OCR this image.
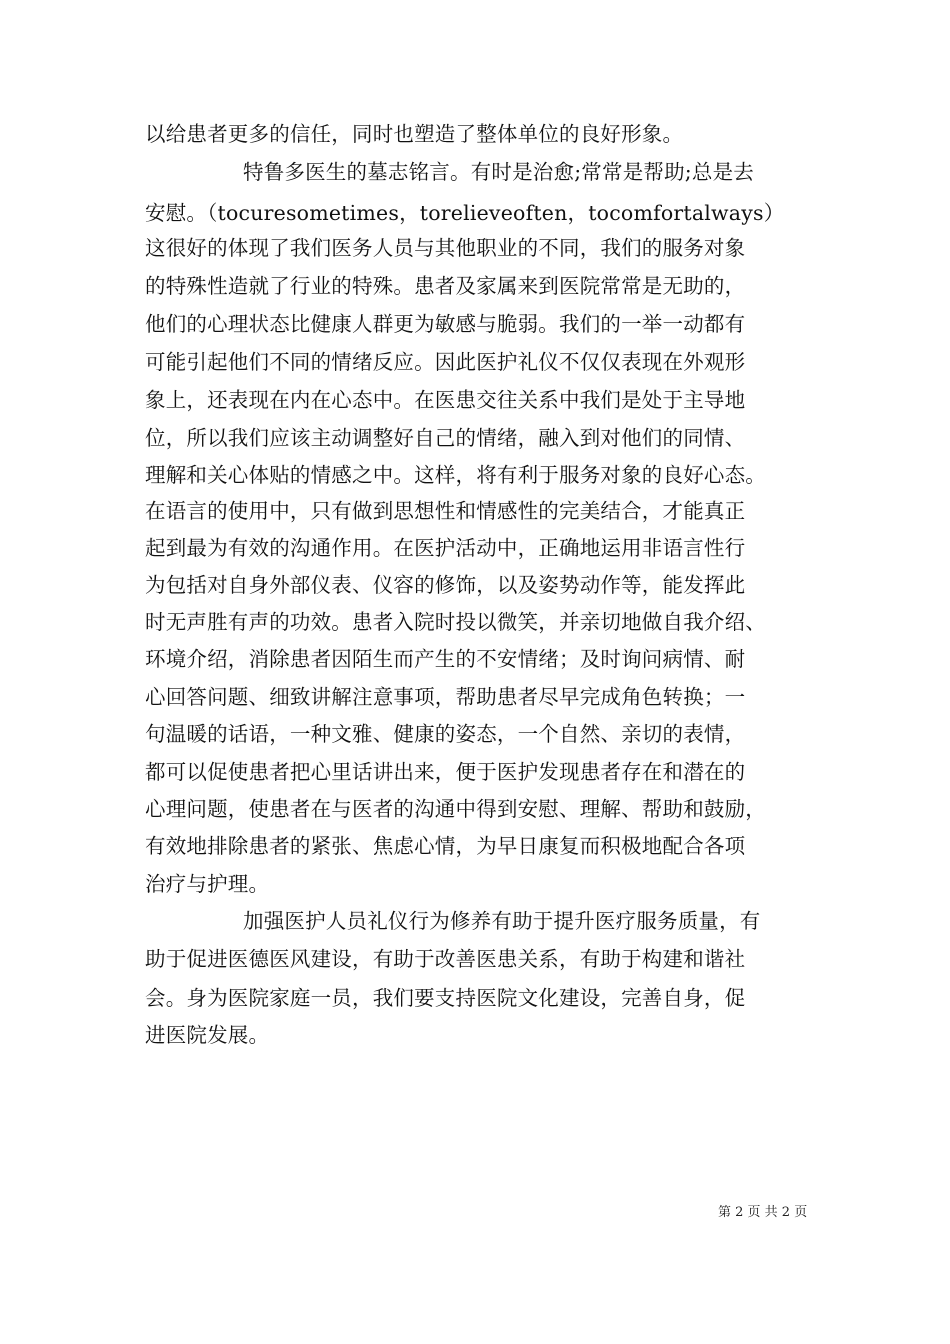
以给患者更多的信任，同时也塑造了整体单位的良好形象。
特鲁多医生的墓志铭言。有时是治愈;常常是帮助;总是去
安慰。（tocuresometimes，torelieveoften，tocomfortalways）
这很好的体现了我们医务人员与其他职业的不同，我们的服务对象
的特殊性造就了行业的特殊。患者及家属来到医院常常是无助的，
他们的心理状态比健康人群更为敏感与脆弱。我们的一举一动都有
可能引起他们不同的情绪反应。因此医护礼仪不仅仅表现在外观形
象上，还表现在内在心态中。在医患交往关系中我们是处于主导地
位，所以我们应该主动调整好自己的情绪，融入到对他们的同情、
理解和关心体贴的情感之中。这样，将有利于服务对象的良好心态。
在语言的使用中，只有做到思想性和情感性的完美结合，才能真正
起到最为有效的沟通作用。在医护活动中，正确地运用非语言性行
为包括对自身外部仪表、仪容的修饰，以及姿势动作等，能发挥此
时无声胜有声的功效。患者入院时投以微笑，并亲切地做自我介绍、
环境介绍，消除患者因陌生而产生的不安情绪；及时询问病情、耐
心回答问题、细致讲解注意事项，帮助患者尽早完成角色转换；一
句温暖的话语，一种文雅、健康的姿态，一个自然、亲切的表情，
都可以促使患者把心里话讲出来，便于医护发现患者存在和潜在的
心理问题，使患者在与医者的沟通中得到安慰、理解、帮助和鼓励，
有效地排除患者的紧张、焦虑心情，为早日康复而积极地配合各项
治疗与护理。
加强医护人员礼仪行为修养有助于提升医疗服务质量，有
助于促进医德医风建设，有助于改善医患关系，有助于构建和谐社
会。身为医院家庭一员，我们要支持医院文化建设，完善自身，促
进医院发展。
第 2 页 共 2 页
